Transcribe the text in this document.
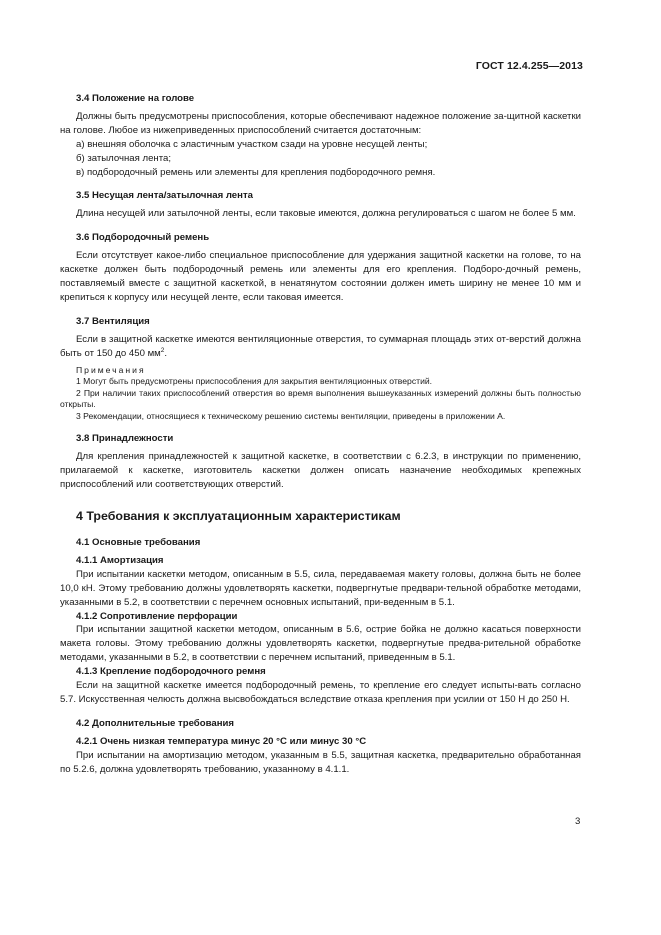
ГОСТ 12.4.255—2013
3.4 Положение на голове

Должны быть предусмотрены приспособления, которые обеспечивают надежное положение за-щитной каскетки на голове. Любое из нижеприведенных приспособлений считается достаточным:

а) внешняя оболочка с эластичным участком сзади на уровне несущей ленты;

б) затылочная лента;

в) подбородочный ремень или элементы для крепления подбородочного ремня.

3.5 Несущая лента/затылочная лента

Длина несущей или затылочной ленты, если таковые имеются, должна регулироваться с шагом не более 5 мм.

3.6 Подбородочный ремень

Если отсутствует какое-либо специальное приспособление для удержания защитной каскетки на голове, то на каскетке должен быть подбородочный ремень или элементы для его крепления. Подборо-дочный ремень, поставляемый вместе с защитной каскеткой, в ненатянутом состоянии должен иметь ширину не менее 10 мм и крепиться к корпусу или несущей ленте, если таковая имеется.

3.7 Вентиляция

Если в защитной каскетке имеются вентиляционные отверстия, то суммарная площадь этих от-верстий должна быть от 150 до 450 $мм^2$.

Примечания

1 Могут быть предусмотрены приспособления для закрытия вентиляционных отверстий.

2 При наличии таких приспособлений отверстия во время выполнения вышеуказанных измерений должны быть полностью открыты.

3 Рекомендации, относящиеся к техническому решению системы вентиляции, приведены в приложении А.

3.8 Принадлежности

Для крепления принадлежностей к защитной каскетке, в соответствии с 6.2.3, в инструкции по применению, прилагаемой к каскетке, изготовитель каскетки должен описать назначение необходимых крепежных приспособлений или соответствующих отверстий.

4 Требования к эксплуатационным характеристикам
4.1 Основные требования
4.1.1 Амортизация

При испытании каскетки методом, описанным в 5.5, сила, передаваемая макету головы, должна быть не более 10,0 кН. Этому требованию должны удовлетворять каскетки, подвергнутые предвари-тельной обработке методами, указанными в 5.2, в соответствии с перечнем основных испытаний, при-веденным в 5.1.

4.1.2 Сопротивление перфорации

При испытании защитной каскетки методом, описанным в 5.6, острие бойка не должно касаться поверхности макета головы. Этому требованию должны удовлетворять каскетки, подвергнутые предва-рительной обработке методами, указанными в 5.2, в соответствии с перечнем испытаний, приведенным в 5.1.

4.1.3 Крепление подбородочного ремня

Если на защитной каскетке имеется подбородочный ремень, то крепление его следует испыты-вать согласно 5.7. Искусственная челюсть должна высвобождаться вследствие отказа крепления при усилии от 150 Н до 250 Н.

4.2 Дополнительные требования
4.2.1 Очень низкая температура минус 20 °С или минус 30 °С

При испытании на амортизацию методом, указанным в 5.5, защитная каскетка, предварительно обработанная по 5.2.6, должна удовлетворять требованию, указанному в 4.1.1.

3
